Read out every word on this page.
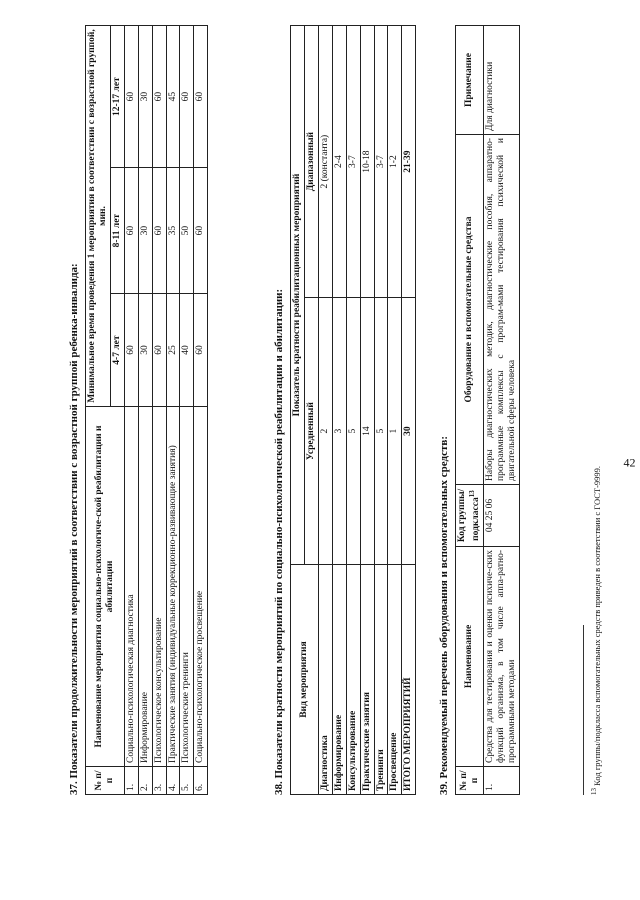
42
37. Показатели продолжительности мероприятий в соответствии с возрастной группой ребенка-инвалида: № п/п	Наименование мероприятия социально-психологиче-ской реабилитации и абилитации	Минимальное время проведения 1 мероприятия в соответствии с возрастной группой, мин.		
		4-7 лет	8-11 лет	12-17 лет
1.	Социально-психологическая диагностика	60	60	60
2.	Информирование	30	30	30
3.	Психологическое консультирование	60	60	60
4.	Практические занятия (индивидуальные коррекционно-развивающие занятия)	25	35	45
5.	Психологические тренинги	40	50	60
6.	Социально-психологическое просвещение	60	60	60
38. Показатели кратности мероприятий по социально-психологической реабилитации и абилитации: Вид мероприятия	Показатель кратности реабилитационных мероприятий	
	Усредненный	Диапазонный
Диагностика	2	2 (константа)
Информирование	3	2-4
Консультирование	5	3-7
Практические занятия	14	10-18
Тренинги	5	3-7
Просвещение	1	1-2
ИТОГО МЕРОПРИЯТИЙ	30	21-39
39. Рекомендуемый перечень оборудования и вспомогательных средств: № п/п	Наименование	Код группы/ подкласса$^{13}$	Оборудование и вспомогательные средства	Примечание
1.	Средства для тестирования и оценки психиче-ских функций организма, в том числе аппа-ратно-программными методами	04 25 06	Наборы диагностических методик, диагностические пособия, аппаратно-программные комплексы с програм-мами тестирования психической и двигательной сферы человека	Для диагностики
$^{13}$ Код группы/подкласса вспомогательных средств приведен в соответствии с ГОСТ-9999.
